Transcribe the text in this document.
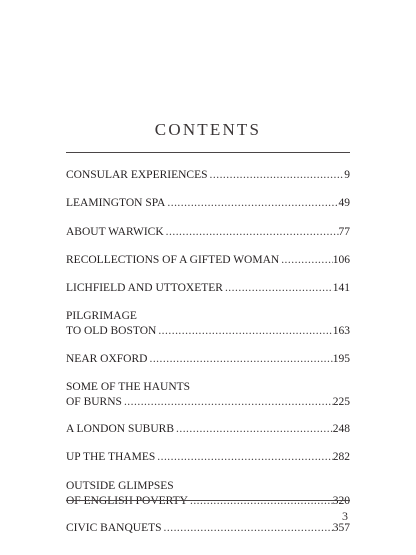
CONTENTS
CONSULAR EXPERIENCES . . .	9
LEAMINGTON SPA . . .	49
ABOUT WARWICK . . .	77
RECOLLECTIONS OF A GIFTED WOMAN . . .	106
LICHFIELD AND UTTOXETER . . .	141
PILGRIMAGE
TO OLD BOSTON . . .	163
NEAR OXFORD . . .	195
SOME OF THE HAUNTS
OF BURNS . . .	225
A LONDON SUBURB . . .	248
UP THE THAMES . . .	282
OUTSIDE GLIMPSES
OF ENGLISH POVERTY . . .	320
CIVIC BANQUETS . . .	357
3
